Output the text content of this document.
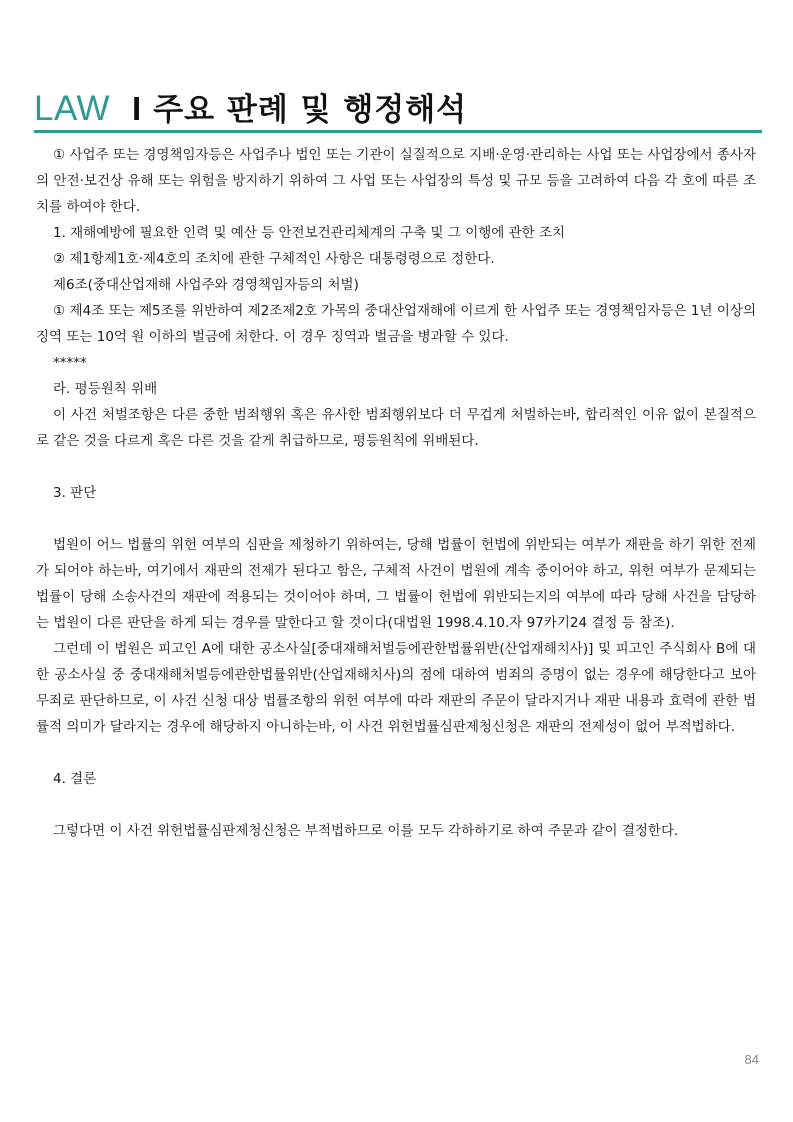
LAW I 주요 판례 및 행정해석

① 사업주 또는 경영책임자등은 사업주나 법인 또는 기관이 실질적으로 지배·운영·관리하는 사업 또는 사업장에서 종사자의 안전·보건상 유해 또는 위험을 방지하기 위하여 그 사업 또는 사업장의 특성 및 규모 등을 고려하여 다음 각 호에 따른 조치를 하여야 한다.

1. 재해예방에 필요한 인력 및 예산 등 안전보건관리체계의 구축 및 그 이행에 관한 조치

② 제1항제1호·제4호의 조치에 관한 구체적인 사항은 대통령령으로 정한다.

제6조(중대산업재해 사업주와 경영책임자등의 처벌)

① 제4조 또는 제5조를 위반하여 제2조제2호 가목의 중대산업재해에 이르게 한 사업주 또는 경영책임자등은 1년 이상의 징역 또는 10억 원 이하의 벌금에 처한다. 이 경우 징역과 벌금을 병과할 수 있다.

*****

라. 평등원칙 위배

이 사건 처벌조항은 다른 중한 범죄행위 혹은 유사한 범죄행위보다 더 무겁게 처벌하는바, 합리적인 이유 없이 본질적으로 같은 것을 다르게 혹은 다른 것을 같게 취급하므로, 평등원칙에 위배된다.

3. 판단

법원이 어느 법률의 위헌 여부의 심판을 제청하기 위하여는, 당해 법률이 헌법에 위반되는 여부가 재판을 하기 위한 전제가 되어야 하는바, 여기에서 재판의 전제가 된다고 함은, 구체적 사건이 법원에 계속 중이어야 하고, 위헌 여부가 문제되는 법률이 당해 소송사건의 재판에 적용되는 것이어야 하며, 그 법률이 헌법에 위반되는지의 여부에 따라 당해 사건을 담당하는 법원이 다른 판단을 하게 되는 경우를 말한다고 할 것이다(대법원 1998.4.10.자 97카기24 결정 등 참조).

그런데 이 법원은 피고인 A에 대한 공소사실[중대재해처벌등에관한법률위반(산업재해치사)] 및 피고인 주식회사 B에 대한 공소사실 중 중대재해처벌등에관한법률위반(산업재해치사)의 점에 대하여 범죄의 증명이 없는 경우에 해당한다고 보아 무죄로 판단하므로, 이 사건 신청 대상 법률조항의 위헌 여부에 따라 재판의 주문이 달라지거나 재판 내용과 효력에 관한 법률적 의미가 달라지는 경우에 해당하지 아니하는바, 이 사건 위헌법률심판제청신청은 재판의 전제성이 없어 부적법하다.

4. 결론

그렇다면 이 사건 위헌법률심판제청신청은 부적법하므로 이를 모두 각하하기로 하여 주문과 같이 결정한다.

84
